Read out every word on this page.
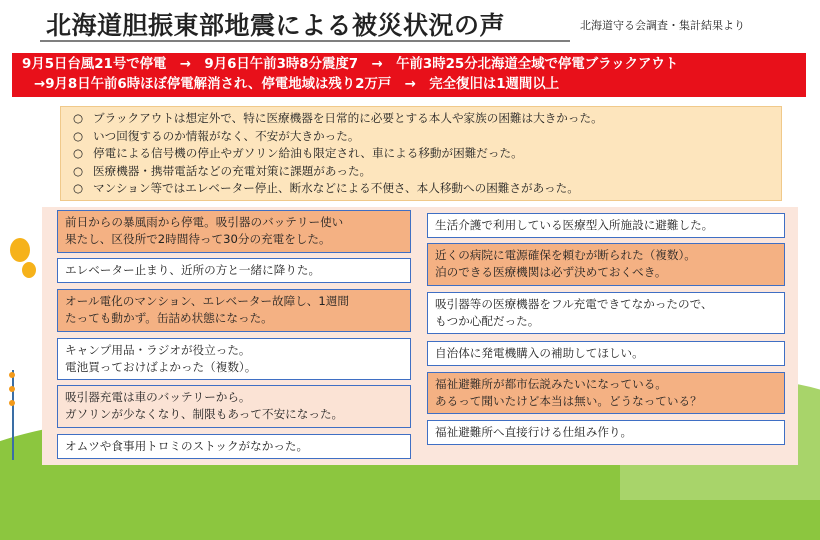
北海道胆振東部地震による被災状況の声	北海道守る会調査・集計結果より
9月5日台風21号で停電　→　9月6日午前3時8分震度7　→　午前3時25分北海道全域で停電ブラックアウト
→9月8日午前6時ほぼ停電解消され、停電地域は残り2万戸　→　完全復旧は1週間以上
○ ブラックアウトは想定外で、特に医療機器を日常的に必要とする本人や家族の困難は大きかった。
○ いつ回復するのか情報がなく、不安が大きかった。
○ 停電による信号機の停止やガソリン給油も限定され、車による移動が困難だった。
○ 医療機器・携帯電話などの充電対策に課題があった。
○ マンション等ではエレベーター停止、断水などによる不便さ、本人移動への困難さがあった。
前日からの暴風雨から停電。吸引器のバッテリー使い
果たし、区役所で2時間待って30分の充電をした。
エレベーター止まり、近所の方と一緒に降りた。
オール電化のマンション、エレベーター故障し、1週間
たっても動かず。缶詰め状態になった。
キャンプ用品・ラジオが役立った。
電池買っておけばよかった（複数）。
吸引器充電は車のバッテリーから。
ガソリンが少なくなり、制限もあって不安になった。
オムツや食事用トロミのストックがなかった。
生活介護で利用している医療型入所施設に避難した。
近くの病院に電源確保を頼むが断られた（複数）。
泊のできる医療機関は必ず決めておくべき。
吸引器等の医療機器をフル充電できてなかったので、
もつか心配だった。
自治体に発電機購入の補助してほしい。
福祉避難所が都市伝説みたいになっている。
あるって聞いたけど本当は無い。どうなっている？
福祉避難所へ直接行ける仕組み作り。
